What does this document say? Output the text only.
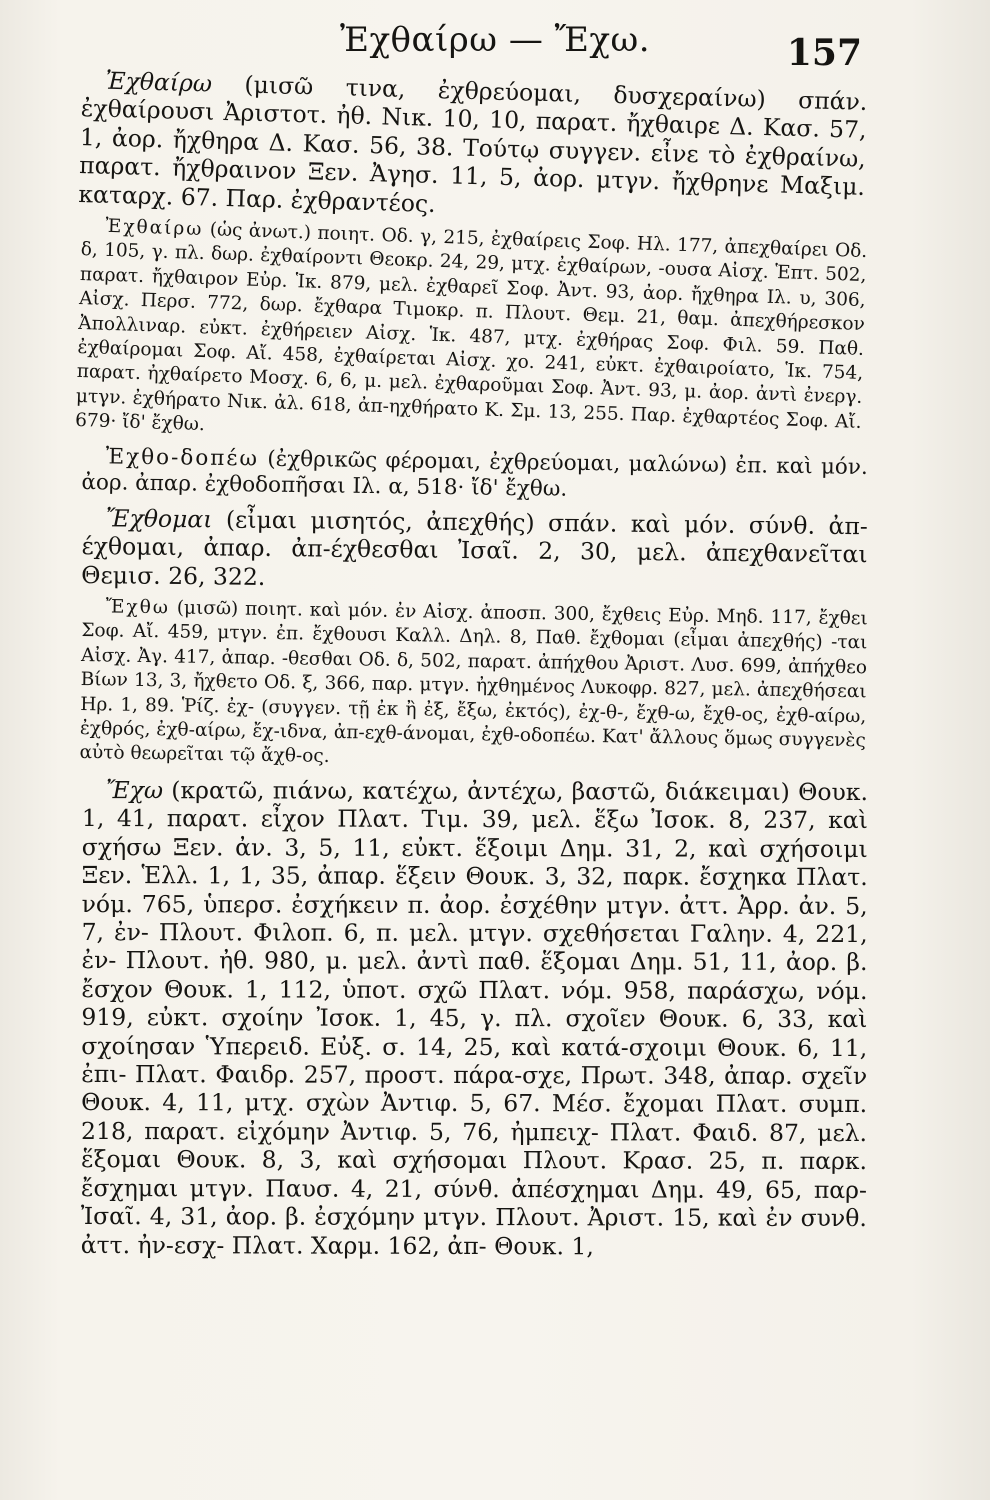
Ἐχθαίρω — Ἔχω.	157

Ἐχθαίρω (μισῶ τινα, ἐχθρεύομαι, δυσχεραίνω) σπάν. ἐχθαίρουσι Ἀριστοτ. ἠθ. Νικ. 10, 10, παρατ. ἤχθαιρε Δ. Κασ. 57, 1, ἀορ. ἤχθηρα Δ. Κασ. 56, 38. Τούτῳ συγγεν. εἶνε τὸ ἐχθραίνω, παρατ. ἤχθραινον Ξεν. Ἀγησ. 11, 5, ἀορ. μτγν. ἤχθρηνε Μαξιμ. καταρχ. 67. Παρ. ἐχθραντέος.

Ἐχθαίρω (ὡς ἀνωτ.) ποιητ. Οδ. γ, 215, ἐχθαίρεις Σοφ. Ηλ. 177, ἀπεχθαίρει Οδ. δ, 105, γ. πλ. δωρ. ἐχθαίροντι Θεοκρ. 24, 29, μτχ. ἐχθαίρων, -ουσα Αἰσχ. Ἑπτ. 502, παρατ. ἤχθαιρον Εὐρ. Ἱκ. 879, μελ. ἐχθαρεῖ Σοφ. Ἀντ. 93, ἀορ. ἤχθηρα Ιλ. υ, 306, Αἰσχ. Περσ. 772, δωρ. ἔχθαρα Τιμοκρ. π. Πλουτ. Θεμ. 21, θαμ. ἀπεχθήρεσκον Ἀπολλιναρ. εὐκτ. ἐχθήρειεν Αἰσχ. Ἱκ. 487, μτχ. ἐχθήρας Σοφ. Φιλ. 59. Παθ. ἐχθαίρομαι Σοφ. Αἴ. 458, ἐχθαίρεται Αἰσχ. χο. 241, εὐκτ. ἐχθαιροίατο, Ἱκ. 754, παρατ. ἠχθαίρετο Μοσχ. 6, 6, μ. μελ. ἐχθαροῦμαι Σοφ. Ἀντ. 93, μ. ἀορ. ἀντὶ ἐνεργ. μτγν. ἐχθήρατο Νικ. ἀλ. 618, ἀπ-ηχθήρατο Κ. Σμ. 13, 255. Παρ. ἐχθαρτέος Σοφ. Αἴ. 679· ἴδ' ἔχθω.

Ἐχθο-δοπέω (ἐχθρικῶς φέρομαι, ἐχθρεύομαι, μαλώνω) ἐπ. καὶ μόν. ἀορ. ἀπαρ. ἐχθοδοπῆσαι Ιλ. α, 518· ἴδ' ἔχθω.

Ἔχθομαι (εἶμαι μισητός, ἀπεχθής) σπάν. καὶ μόν. σύνθ. ἀπ-έχθομαι, ἀπαρ. ἀπ-έχθεσθαι Ἰσαῖ. 2, 30, μελ. ἀπεχθανεῖται Θεμισ. 26, 322.

Ἔχθω (μισῶ) ποιητ. καὶ μόν. ἐν Αἰσχ. ἀποσπ. 300, ἔχθεις Εὐρ. Μηδ. 117, ἔχθει Σοφ. Αἴ. 459, μτγν. ἐπ. ἔχθουσι Καλλ. Δηλ. 8, Παθ. ἔχθομαι (εἶμαι ἀπεχθής) -ται Αἰσχ. Ἀγ. 417, ἀπαρ. -θεσθαι Οδ. δ, 502, παρατ. ἀπήχθου Ἀριστ. Λυσ. 699, ἀπήχθεο Βίων 13, 3, ἤχθετο Οδ. ξ, 366, παρ. μτγν. ἠχθημένος Λυκοφρ. 827, μελ. ἀπεχθήσεαι Ηρ. 1, 89. Ῥίζ. ἐχ- (συγγεν. τῇ ἐκ ἢ ἐξ, ἔξω, ἐκτός), ἐχ-θ-, ἔχθ-ω, ἔχθ-ος, ἐχθ-αίρω, ἐχθρός, ἐχθ-αίρω, ἔχ-ιδνα, ἀπ-εχθ-άνομαι, ἐχθ-οδοπέω. Κατ' ἄλλους ὅμως συγγενὲς αὐτὸ θεωρεῖται τῷ ἄχθ-ος.

Ἔχω (κρατῶ, πιάνω, κατέχω, ἀντέχω, βαστῶ, διάκειμαι) Θουκ. 1, 41, παρατ. εἶχον Πλατ. Τιμ. 39, μελ. ἕξω Ἰσοκ. 8, 237, καὶ σχήσω Ξεν. ἀν. 3, 5, 11, εὐκτ. ἕξοιμι Δημ. 31, 2, καὶ σχήσοιμι Ξεν. Ἑλλ. 1, 1, 35, ἀπαρ. ἕξειν Θουκ. 3, 32, παρκ. ἔσχηκα Πλατ. νόμ. 765, ὑπερσ. ἐσχήκειν π. ἀορ. ἐσχέθην μτγν. ἀττ. Ἀρρ. ἀν. 5, 7, ἐν- Πλουτ. Φιλοπ. 6, π. μελ. μτγν. σχεθήσεται Γαλην. 4, 221, ἐν- Πλουτ. ἠθ. 980, μ. μελ. ἀντὶ παθ. ἕξομαι Δημ. 51, 11, ἀορ. β. ἔσχον Θουκ. 1, 112, ὑποτ. σχῶ Πλατ. νόμ. 958, παράσχω, νόμ. 919, εὐκτ. σχοίην Ἰσοκ. 1, 45, γ. πλ. σχοῖεν Θουκ. 6, 33, καὶ σχοίησαν Ὑπερειδ. Εὐξ. σ. 14, 25, καὶ κατά-σχοιμι Θουκ. 6, 11, ἐπι- Πλατ. Φαιδρ. 257, προστ. πάρα-σχε, Πρωτ. 348, ἀπαρ. σχεῖν Θουκ. 4, 11, μτχ. σχὼν Ἀντιφ. 5, 67. Μέσ. ἔχομαι Πλατ. συμπ. 218, παρατ. εἰχόμην Ἀντιφ. 5, 76, ἠμπειχ- Πλατ. Φαιδ. 87, μελ. ἕξομαι Θουκ. 8, 3, καὶ σχήσομαι Πλουτ. Κρασ. 25, π. παρκ. ἔσχημαι μτγν. Παυσ. 4, 21, σύνθ. ἀπέσχημαι Δημ. 49, 65, παρ- Ἰσαῖ. 4, 31, ἀορ. β. ἐσχόμην μτγν. Πλουτ. Ἀριστ. 15, καὶ ἐν συνθ. ἀττ. ἠν-εσχ- Πλατ. Χαρμ. 162, ἀπ- Θουκ. 1,
